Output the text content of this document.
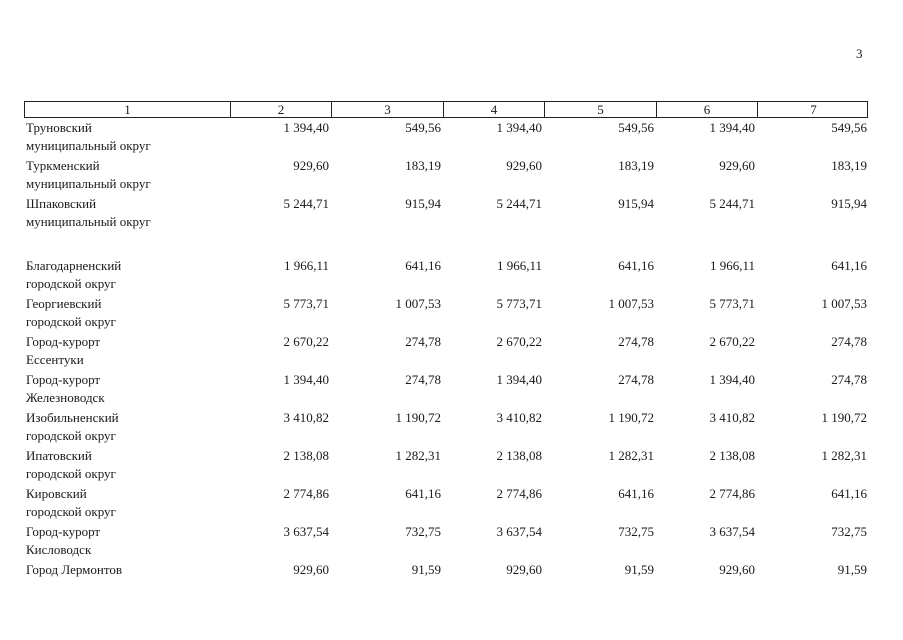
3
1	2	3	4	5	6	7
Труновский
муниципальный округ
1 394,40	549,56	1 394,40	549,56	1 394,40	549,56
Туркменский
муниципальный округ
929,60	183,19	929,60	183,19	929,60	183,19
Шпаковский
муниципальный округ
5 244,71	915,94	5 244,71	915,94	5 244,71	915,94
Благодарненский
городской округ
1 966,11	641,16	1 966,11	641,16	1 966,11	641,16
Георгиевский
городской округ
5 773,71	1 007,53	5 773,71	1 007,53	5 773,71	1 007,53
Город-курорт
Ессентуки
2 670,22	274,78	2 670,22	274,78	2 670,22	274,78
Город-курорт
Железноводск
1 394,40	274,78	1 394,40	274,78	1 394,40	274,78
Изобильненский
городской округ
3 410,82	1 190,72	3 410,82	1 190,72	3 410,82	1 190,72
Ипатовский
городской округ
2 138,08	1 282,31	2 138,08	1 282,31	2 138,08	1 282,31
Кировский
городской округ
2 774,86	641,16	2 774,86	641,16	2 774,86	641,16
Город-курорт
Кисловодск
3 637,54	732,75	3 637,54	732,75	3 637,54	732,75
Город Лермонтов	929,60	91,59	929,60	91,59	929,60	91,59
